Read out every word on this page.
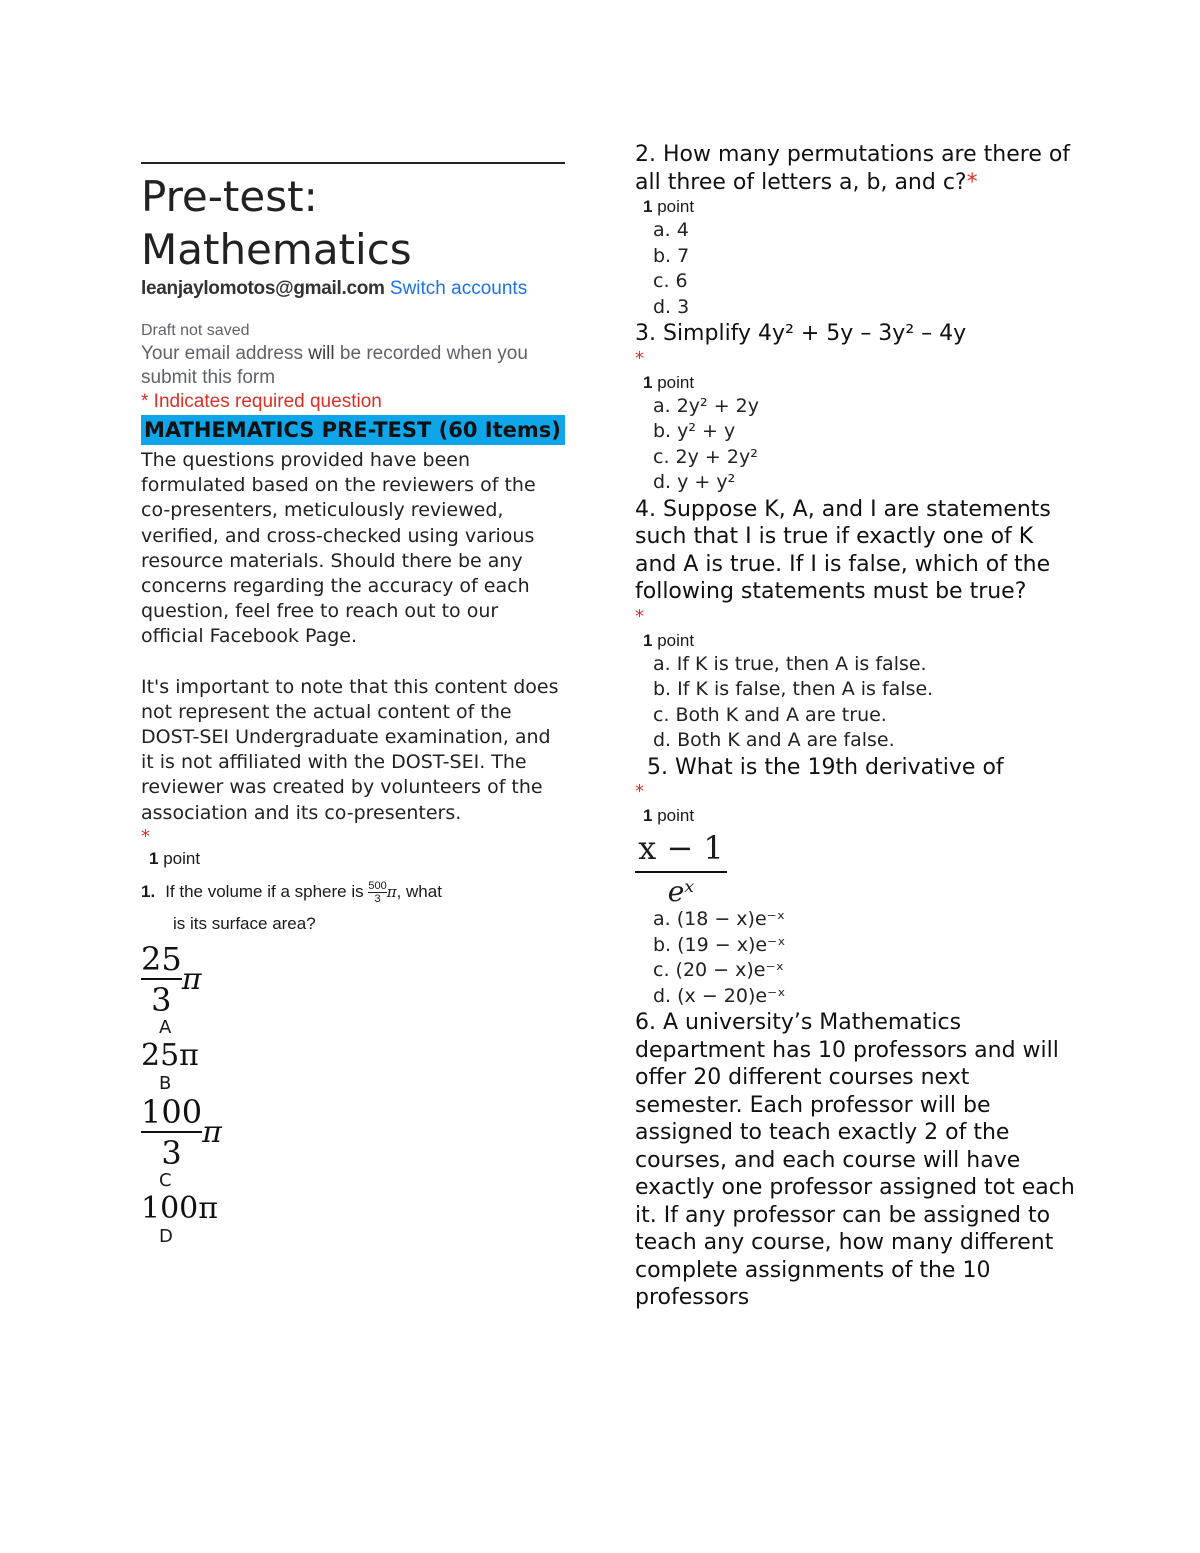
Pre-test: Mathematics
leanjaylomotos@gmail.com Switch accounts
Draft not saved
Your email address will be recorded when you submit this form
* Indicates required question
MATHEMATICS PRE-TEST (60 Items)

The questions provided have been formulated based on the reviewers of the co-presenters, meticulously reviewed, verified, and cross-checked using various resource materials. Should there be any concerns regarding the accuracy of each question, feel free to reach out to our official Facebook Page.

It's important to note that this content does not represent the actual content of the DOST-SEI Undergraduate examination, and it is not affiliated with the DOST-SEI. The reviewer was created by volunteers of the association and its co-presenters.

*
1 point
1. If the volume if a sphere is $\frac{500}{3} \pi$, what
is its surface area?
$\frac{25}{3}\pi$
A
25π
B
$\frac{100}{3}\pi$
C
100π
D
2. How many permutations are there of all three of letters a, b, and c?*
1 point
a. 4
b. 7
c. 6
d. 3
3. Simplify 4y² + 5y – 3y² – 4y
*
1 point
a. 2y² + 2y
b. y² + y
c. 2y + 2y²
d. y + y²
4. Suppose K, A, and I are statements such that I is true if exactly one of K and A is true. If I is false, which of the following statements must be true?
*
1 point
a. If K is true, then A is false.
b. If K is false, then A is false.
c. Both K and A are true.
d. Both K and A are false.
5. What is the 19th derivative of
*
1 point
$\frac{x - 1}{\text{eˣ}}$
a. (18 − x)e⁻ˣ
b. (19 − x)e⁻ˣ
c. (20 − x)e⁻ˣ
d. (x − 20)e⁻ˣ
6. A university’s Mathematics department has 10 professors and will offer 20 different courses next semester. Each professor will be assigned to teach exactly 2 of the courses, and each course will have exactly one professor assigned tot each it. If any professor can be assigned to teach any course, how many different complete assignments of the 10 professors
